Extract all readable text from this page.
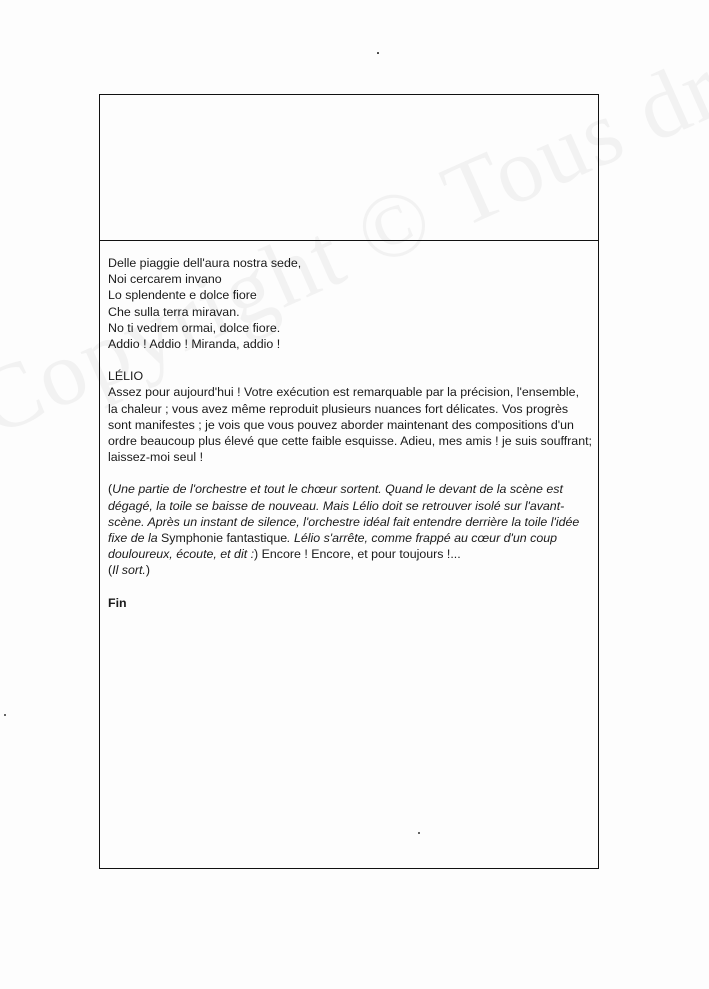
Delle piaggie dell'aura nostra sede,
Noi cercarem invano
Lo splendente e dolce fiore
Che sulla terra miravan.
No ti vedrem ormai, dolce fiore.
Addio ! Addio ! Miranda, addio !
LÉLIO
Assez pour aujourd'hui ! Votre exécution est remarquable par la précision, l'ensemble, la chaleur ; vous avez même reproduit plusieurs nuances fort délicates. Vos progrès sont manifestes ; je vois que vous pouvez aborder maintenant des compositions d'un ordre beaucoup plus élevé que cette faible esquisse. Adieu, mes amis ! je suis souffrant; laissez-moi seul !
(Une partie de l'orchestre et tout le chœur sortent. Quand le devant de la scène est dégagé, la toile se baisse de nouveau. Mais Lélio doit se retrouver isolé sur l'avant-scène. Après un instant de silence, l'orchestre idéal fait entendre derrière la toile l'idée fixe de la Symphonie fantastique. Lélio s'arrête, comme frappé au cœur d'un coup douloureux, écoute, et dit :) Encore ! Encore, et pour toujours !...
(Il sort.)
Fin
